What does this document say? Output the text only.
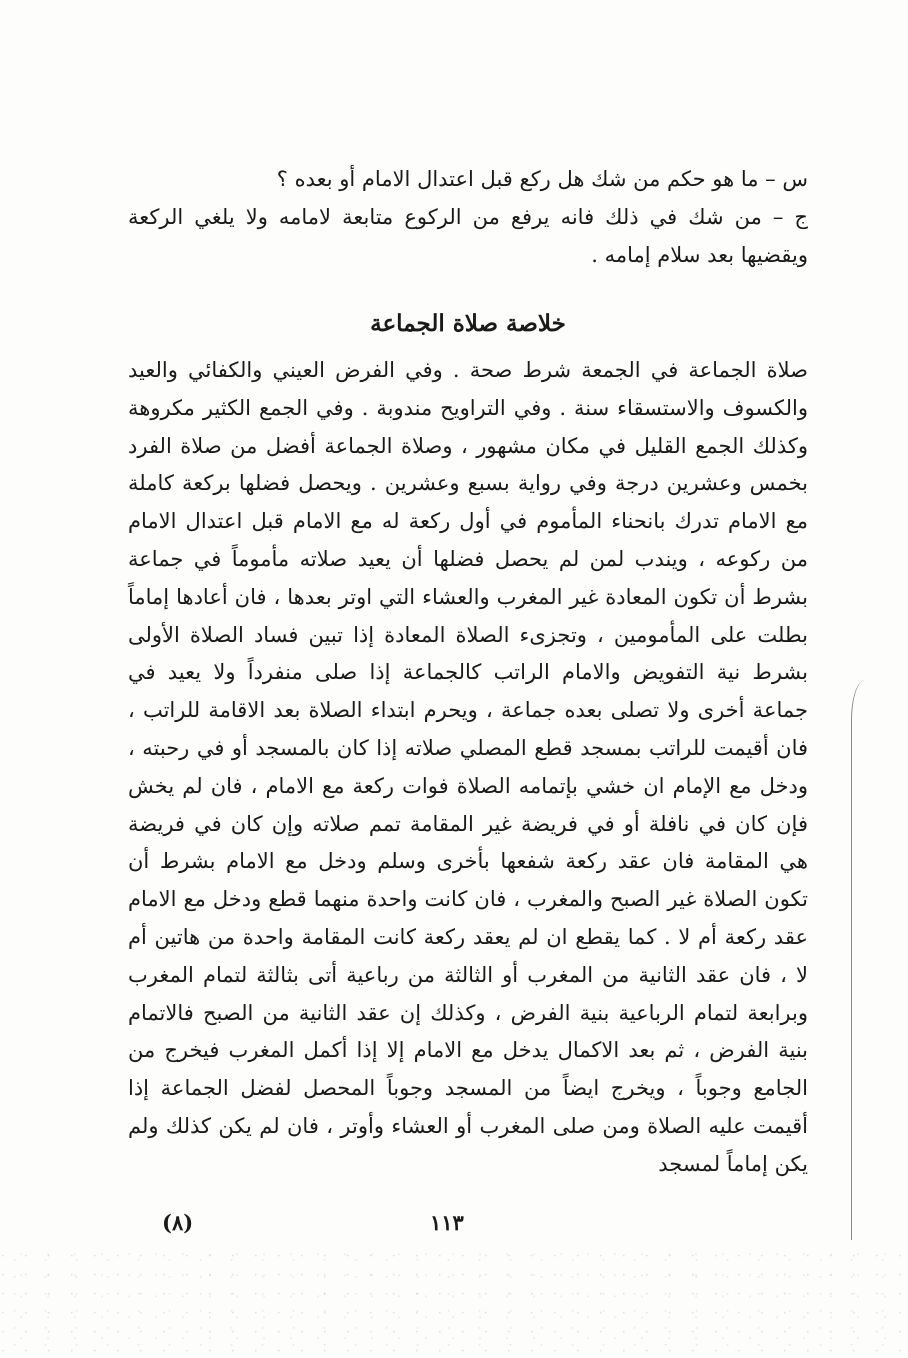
س – ما هو حكم من شك هل ركع قبل اعتدال الامام أو بعده ؟

ج – من شك في ذلك فانه يرفع من الركوع متابعة لامامه ولا يلغي الركعة ويقضيها بعد سلام إمامه .

خلاصة صلاة الجماعة

صلاة الجماعة في الجمعة شرط صحة . وفي الفرض العيني والكفائي والعيد والكسوف والاستسقاء سنة . وفي التراويح مندوبة . وفي الجمع الكثير مكروهة وكذلك الجمع القليل في مكان مشهور ، وصلاة الجماعة أفضل من صلاة الفرد بخمس وعشرين درجة وفي رواية بسبع وعشرين . ويحصل فضلها بركعة كاملة مع الامام تدرك بانحناء المأموم في أول ركعة له مع الامام قبل اعتدال الامام من ركوعه ، ويندب لمن لم يحصل فضلها أن يعيد صلاته مأموماً في جماعة بشرط أن تكون المعادة غير المغرب والعشاء التي اوتر بعدها ، فان أعادها إماماً بطلت على المأمومين ، وتجزىء الصلاة المعادة إذا تبين فساد الصلاة الأولى بشرط نية التفويض والامام الراتب كالجماعة إذا صلى منفرداً ولا يعيد في جماعة أخرى ولا تصلى بعده جماعة ، ويحرم ابتداء الصلاة بعد الاقامة للراتب ، فان أقيمت للراتب بمسجد قطع المصلي صلاته إذا كان بالمسجد أو في رحبته ، ودخل مع الإمام ان خشي بإتمامه الصلاة فوات ركعة مع الامام ، فان لم يخش فإن كان في نافلة أو في فريضة غير المقامة تمم صلاته وإن كان في فريضة هي المقامة فان عقد ركعة شفعها بأخرى وسلم ودخل مع الامام بشرط أن تكون الصلاة غير الصبح والمغرب ، فان كانت واحدة منهما قطع ودخل مع الامام عقد ركعة أم لا . كما يقطع ان لم يعقد ركعة كانت المقامة واحدة من هاتين أم لا ، فان عقد الثانية من المغرب أو الثالثة من رباعية أتى بثالثة لتمام المغرب وبرابعة لتمام الرباعية بنية الفرض ، وكذلك إن عقد الثانية من الصبح فالاتمام بنية الفرض ، ثم بعد الاكمال يدخل مع الامام إلا إذا أكمل المغرب فيخرج من الجامع وجوباً ، ويخرج ايضاً من المسجد وجوباً المحصل لفضل الجماعة إذا أقيمت عليه الصلاة ومن صلى المغرب أو العشاء وأوتر ، فان لم يكن كذلك ولم يكن إماماً لمسجد

١١٣
(٨)
